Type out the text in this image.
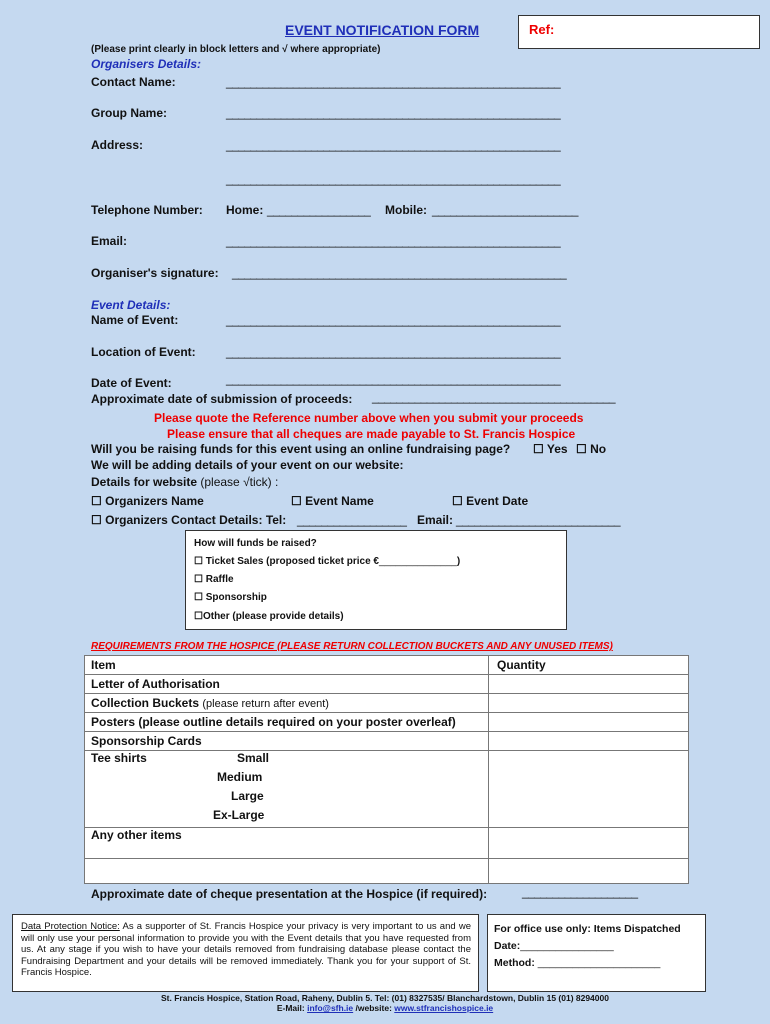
EVENT NOTIFICATION FORM	Ref:
(Please print clearly in block letters and √ where appropriate)
Organisers Details:
Contact Name:	_______________________________________________________
Group Name:	_______________________________________________________
Address:	_______________________________________________________
_______________________________________________________
Telephone Number: Home: _________________ Mobile: ________________________
Email:	_______________________________________________________
Organiser's signature: _______________________________________________________
Event Details:
Name of Event:	_______________________________________________________
Location of Event:	_______________________________________________________
Date of Event:	_______________________________________________________
Approximate date of submission of proceeds: ________________________________________
Please quote the Reference number above when you submit your proceeds
Please ensure that all cheques are made payable to St. Francis Hospice
Will you be raising funds for this event using an online fundraising page? ☐ Yes ☐ No
We will be adding details of your event on our website:
Details for website (please √tick) :
☐ Organizers Name	☐ Event Name	☐ Event Date
☐ Organizers Contact Details: Tel: __________________ Email: ___________________________
How will funds be raised?
☐ Ticket Sales (proposed ticket price €______________)
☐ Raffle
☐ Sponsorship
☐Other (please provide details)
REQUIREMENTS FROM THE HOSPICE (PLEASE RETURN COLLECTION BUCKETS AND ANY UNUSED ITEMS)
Item	Quantity
Letter of Authorisation	
Collection Buckets (please return after event)	
Posters (please outline details required on your poster overleaf)	
Sponsorship Cards	

Tee shirts Small
Medium
Large
Ex-Large	

Any other items	

Approximate date of cheque presentation at the Hospice (if required):	___________________
Data Protection Notice: As a supporter of St. Francis Hospice your privacy is very important to us and we will only use your personal information to provide you with the Event details that you have requested from us. At any stage if you wish to have your details removed from fundraising database please contact the Fundraising Department and your details will be removed immediately. Thank you for your support of St. Francis Hospice.
For office use only: Items Dispatched
Date:________________
Method: _____________________
St. Francis Hospice, Station Road, Raheny, Dublin 5. Tel: (01) 8327535/ Blanchardstown, Dublin 15 (01) 8294000
E-Mail: info@sfh.ie /website: www.stfrancishospice.ie
